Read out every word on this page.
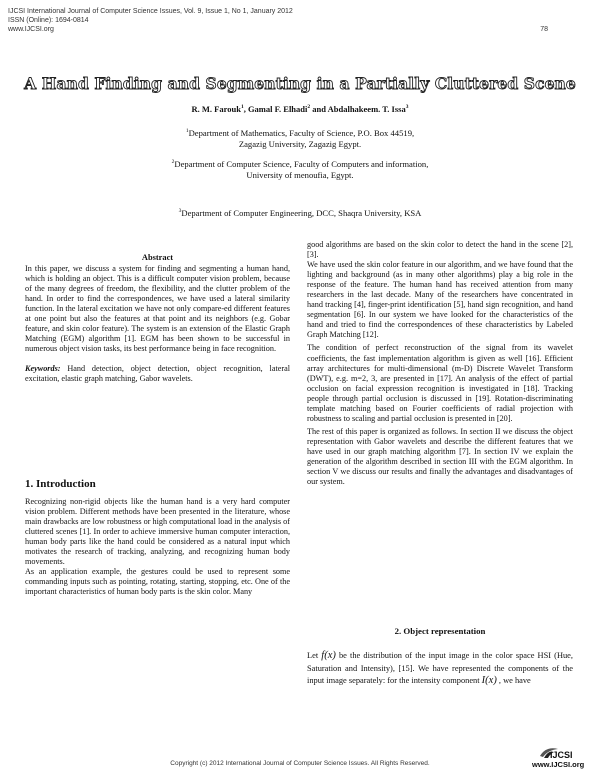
IJCSI International Journal of Computer Science Issues, Vol. 9, Issue 1, No 1, January 2012
ISSN (Online): 1694-0814
www.IJCSI.org	78
A Hand Finding and Segmenting in a Partially Cluttered Scene
R. M. Farouk$^1$, Gamal F. Elhadi$^2$ and Abdalhakeem. T. Issa$^3$
$^1$Department of Mathematics, Faculty of Science, P.O. Box 44519,
Zagazig University, Zagazig Egypt.
$^2$Department of Computer Science, Faculty of Computers and information,
University of menoufia, Egypt.
$^3$Department of Computer Engineering, DCC, Shaqra University, KSA
Abstract

In this paper, we discuss a system for finding and segmenting a human hand, which is holding an object. This is a difficult computer vision problem, because of the many degrees of freedom, the flexibility, and the clutter problem of the hand. In order to find the correspondences, we have used a lateral similarity function. In the lateral excitation we have not only compare-ed different features at one point but also the features at that point and its neighbors (e.g. Gobar feature, and skin color feature). The system is an extension of the Elastic Graph Matching (EGM) algorithm [1]. EGM has been shown to be successful in numerous object vision tasks, its best performance being in face recognition.

Keywords: Hand detection, object detection, object recognition, lateral excitation, elastic graph matching, Gabor wavelets.

1. Introduction

Recognizing non-rigid objects like the human hand is a very hard computer vision problem. Different methods have been presented in the literature, whose main drawbacks are low robustness or high computational load in the analysis of cluttered scenes [1]. In order to achieve immersive human computer interaction, human body parts like the hand could be considered as a natural input which motivates the research of tracking, analyzing, and recognizing human body movements.

As an application example, the gestures could be used to represent some commanding inputs such as pointing, rotating, starting, stopping, etc. One of the important characteristics of human body parts is the skin color. Many

good algorithms are based on the skin color to detect the hand in the scene [2], [3].

We have used the skin color feature in our algorithm, and we have found that the lighting and background (as in many other algorithms) play a big role in the response of the feature. The human hand has received attention from many researchers in the last decade. Many of the researchers have concentrated in hand tracking [4], finger-print identification [5], hand sign recognition, and hand segmentation [6]. In our system we have looked for the characteristics of the hand and tried to find the correspondences of these characteristics by Labeled Graph Matching [12].

The condition of perfect reconstruction of the signal from its wavelet coefficients, the fast implementation algorithm is given as well [16]. Efficient array architectures for multi-dimensional (m-D) Discrete Wavelet Transform (DWT), e.g. m=2, 3, are presented in [17]. An analysis of the effect of partial occlusion on facial expression recognition is investigated in [18]. Tracking people through partial occlusion is discussed in [19]. Rotation-discriminating template matching based on Fourier coefficients of radial projection with robustness to scaling and partial occlusion is presented in [20].

The rest of this paper is organized as follows. In section II we discuss the object representation with Gabor wavelets and describe the different features that we have used in our graph matching algorithm [7]. In section IV we explain the generation of the algorithm described in section III with the EGM algorithm. In section V we discuss our results and finally the advantages and disadvantages of our system.

2. Object representation

Let f(x) be the distribution of the input image in the color space HSI (Hue, Saturation and Intensity), [15]. We have represented the components of the input image separately: for the intensity component I(x) , we have

Copyright (c) 2012 International Journal of Computer Science Issues. All Rights Reserved.
IJCSI
www.IJCSI.org
